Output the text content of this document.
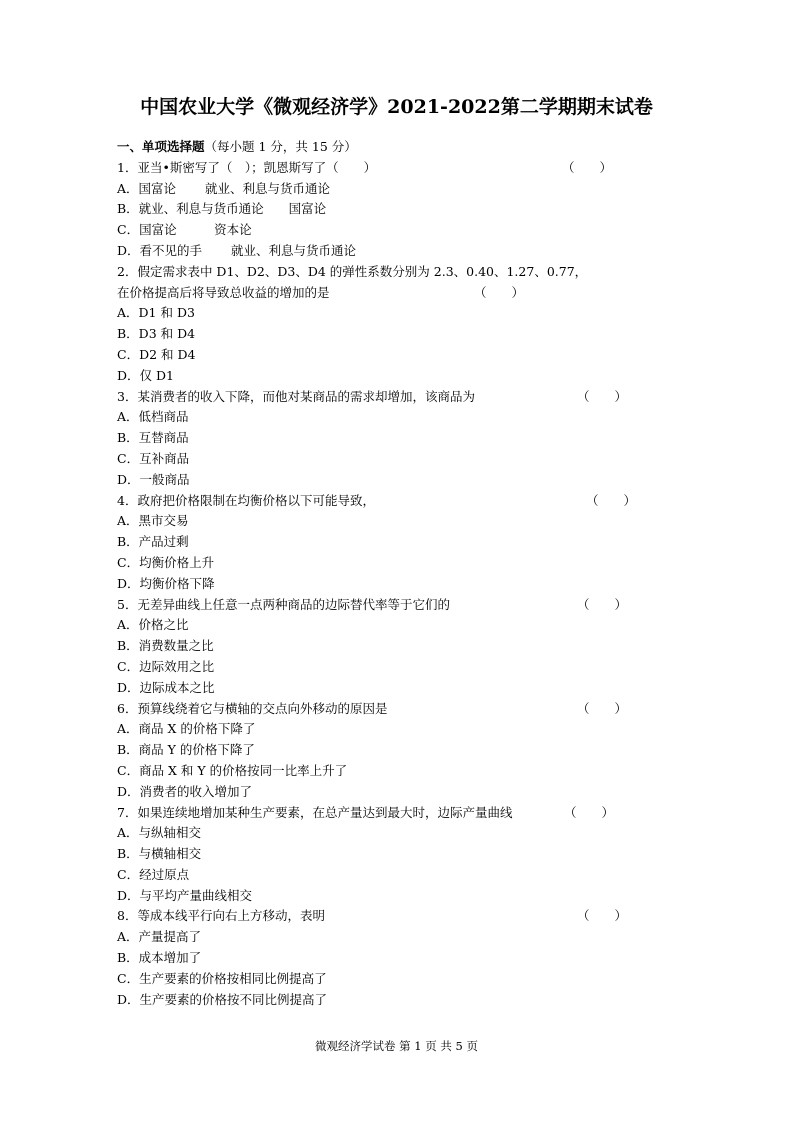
中国农业大学《微观经济学》2021-2022第二学期期末试卷
一、单项选择题（每小题 1 分，共 15 分）
1．亚当•斯密写了（　）；凯恩斯写了（　　）	（　　）
A．国富论　　 就业、利息与货币通论
B．就业、利息与货币通论　　国富论
C．国富论　　　资本论
D．看不见的手　　 就业、利息与货币通论
2．假定需求表中 D1、D2、D3、D4 的弹性系数分别为 2.3、0.40、1.27、0.77，
在价格提高后将导致总收益的增加的是	（　　）
A．D1 和 D3
B．D3 和 D4
C．D2 和 D4
D．仅 D1
3．某消费者的收入下降，而他对某商品的需求却增加，该商品为	（　　）
A．低档商品
B．互替商品
C．互补商品
D．一般商品
4．政府把价格限制在均衡价格以下可能导致，	（　　）
A．黑市交易
B．产品过剩
C．均衡价格上升
D．均衡价格下降
5．无差异曲线上任意一点两种商品的边际替代率等于它们的	（　　）
A．价格之比
B．消费数量之比
C．边际效用之比
D．边际成本之比
6．预算线绕着它与横轴的交点向外移动的原因是	（　　）
A．商品 X 的价格下降了
B．商品 Y 的价格下降了
C．商品 X 和 Y 的价格按同一比率上升了
D．消费者的收入增加了
7．如果连续地增加某种生产要素，在总产量达到最大时，边际产量曲线	（　　）
A．与纵轴相交
B．与横轴相交
C．经过原点
D．与平均产量曲线相交
8．等成本线平行向右上方移动，表明	（　　）
A．产量提高了
B．成本增加了
C．生产要素的价格按相同比例提高了
D．生产要素的价格按不同比例提高了
微观经济学试卷 第 1 页 共 5 页
